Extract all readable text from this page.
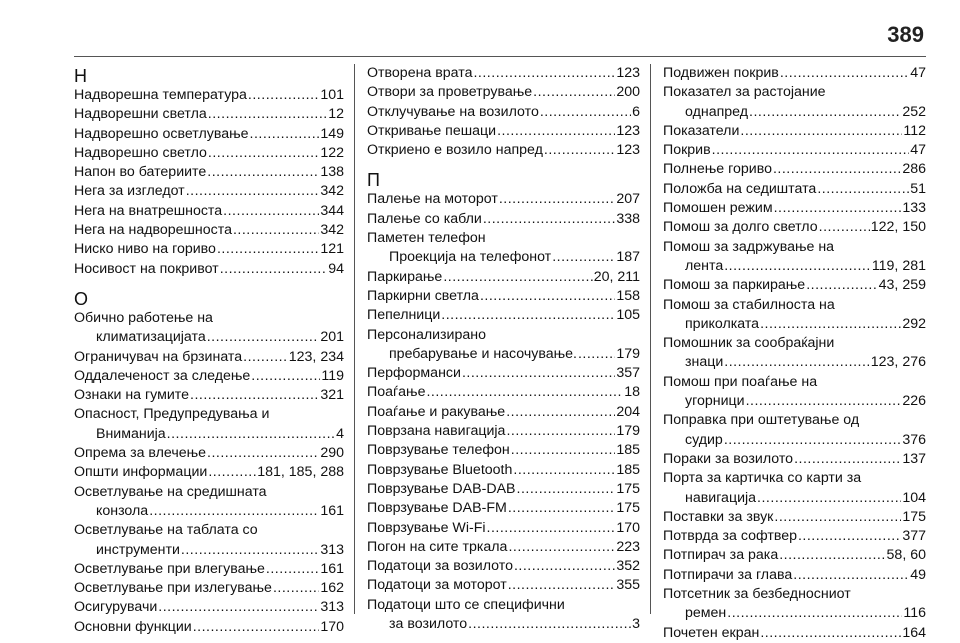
389
Н
Надворешна температура .....	101
Надворешни светла .....	12
Надворешно осветлување .....	149
Надворешно светло .....	122
Напон во батериите .....	138
Нега за изгледот .....	342
Нега на внатрешноста .....	344
Нега на надворешноста .....	342
Ниско ниво на гориво .....	121
Носивост на покривот .....	94
О
Обично работење на
климатизацијата .....	201
Ограничувач на брзината .....	123, 234
Оддалеченост за следење .....	119
Ознаки на гумите .....	321
Опасност, Предупредувања и
Вниманија .....	4
Опрема за влечење .....	290
Општи информации .....	181, 185, 288
Осветлување на средишната
конзола .....	161
Осветлување на таблата со
инструменти .....	313
Осветлување при влегување .....	161
Осветлување при излегување .....	162
Осигурувачи .....	313
Основни функции .....	170
Отворена врата .....	123
Отвори за проветрување .....	200
Отклучување на возилото .....	6
Откривање пешаци .....	123
Откриено е возило напред .....	123
П
Палење на моторот .....	207
Палење со кабли .....	338
Паметен телефон
Проекција на телефонот .....	187
Паркирање .....	20, 211
Паркирни светла .....	158
Пепелници .....	105
Персонализирано
пребарување и насочување. .....	179
Перформанси .....	357
Поаѓање .....	18
Поаѓање и ракување .....	204
Поврзана навигација .....	179
Поврзување телефон .....	185
Поврзување Bluetooth .....	185
Поврзување DAB-DAB .....	175
Поврзување DAB-FM .....	175
Поврзување Wi-Fi .....	170
Погон на сите тркала .....	223
Податоци за возилото .....	352
Податоци за моторот .....	355
Податоци што се специфични
за возилото .....	3
Подвижен покрив .....	47
Показател за растојание
однапред .....	252
Показатели .....	112
Покрив .....	47
Полнење гориво .....	286
Положба на седиштата .....	51
Помошен режим .....	133
Помош за долго светло .....	122, 150
Помош за задржување на
лента .....	119, 281
Помош за паркирање .....	43, 259
Помош за стабилноста на
приколката .....	292
Помошник за сообраќајни
знаци .....	123, 276
Помош при поаѓање на
угорници .....	226
Поправка при оштетување од
судир .....	376
Пораки за возилото .....	137
Порта за картичка со карти за
навигација .....	104
Поставки за звук .....	175
Потврда за софтвер .....	377
Потпирач за рака .....	58, 60
Потпирачи за глава .....	49
Потсетник за безбедносниот
ремен .....	116
Почетен екран .....	164
